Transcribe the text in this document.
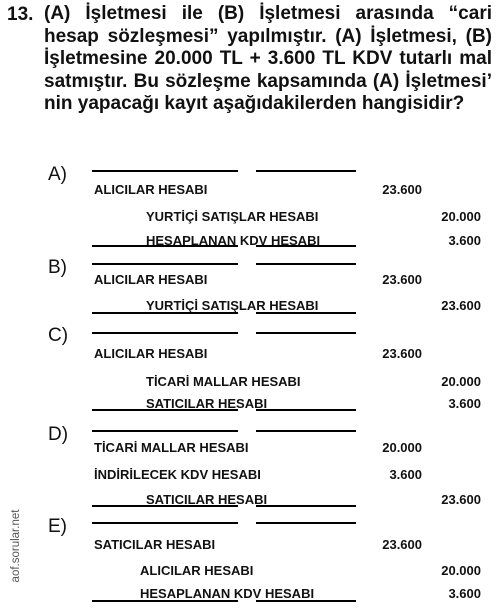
13. (A) İşletmesi ile (B) İşletmesi arasında “cari hesap sözleşmesi” yapılmıştır. (A) İşletmesi, (B) İşletmesine 20.000 TL + 3.600 TL KDV tutarlı mal satmıştır. Bu sözleşme kapsamında (A) İşletmesi’ nin yapacağı kayıt aşağıdakilerden hangisidir?
A)
ALICILAR HESABI	23.600
YURTİÇİ SATIŞLAR HESABI	20.000
HESAPLANAN KDV HESABI	3.600
B)
ALICILAR HESABI	23.600
YURTİÇİ SATIŞLAR HESABI	23.600
C)
ALICILAR HESABI	23.600
TİCARİ MALLAR HESABI	20.000
SATICILAR HESABI	3.600
D)
TİCARİ MALLAR HESABI	20.000
İNDİRİLECEK KDV HESABI	3.600
SATICILAR HESABI	23.600
E)
SATICILAR HESABI	23.600
ALICILAR HESABI	20.000
HESAPLANAN KDV HESABI	3.600
aof.sorular.net
